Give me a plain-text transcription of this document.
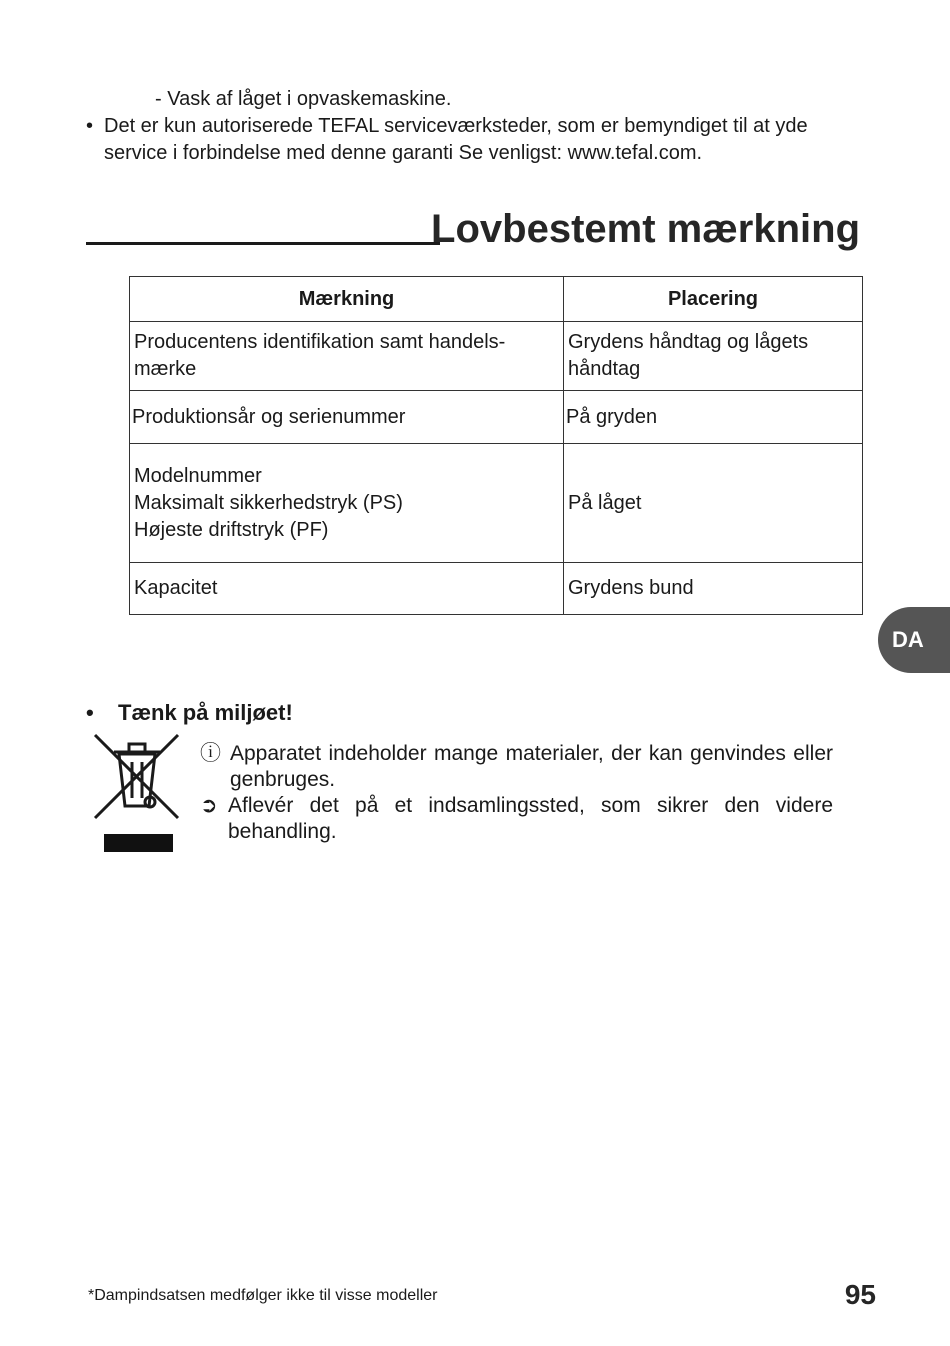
- Vask af låget i opvaskemaskine.
• Det er kun autoriserede TEFAL serviceværksteder, som er bemyndiget til at yde service i forbindelse med denne garanti Se venligst: www.tefal.com.
Lovbestemt mærkning
Mærkning	Placering

Producentens identifikation samt handels-
mærke	Grydens håndtag og lågets
håndtag

Produktionsår og serienummer	På gryden

Modelnummer
Maksimalt sikkerhedstryk (PS)
Højeste driftstryk (PF)	På låget

Kapacitet	Grydens bund
DA
• Tænk på miljøet!
ⓘ Apparatet indeholder mange materialer, der kan genvindes eller genbruges.
➲ Aflevér det på et indsamlingssted, som sikrer den videre behandling.
*Dampindsatsen medfølger ikke til visse modeller	95
